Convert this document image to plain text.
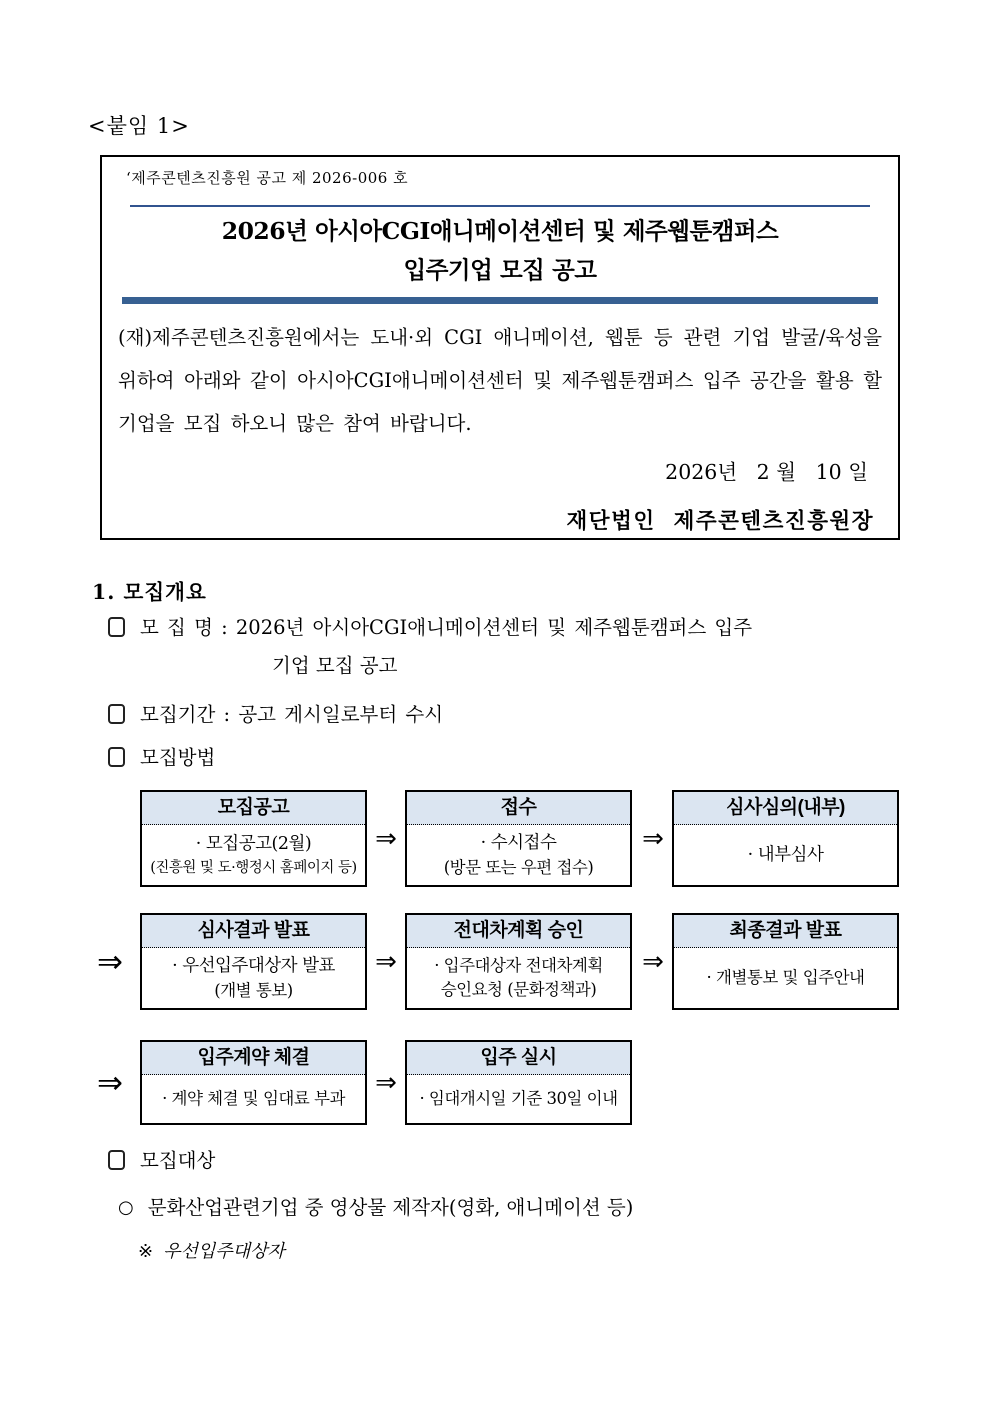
<붙임 1>
‘제주콘텐츠진흥원 공고 제 2026-006 호
2026년 아시아CGI애니메이션센터 및 제주웹툰캠퍼스
입주기업 모집 공고
(재)제주콘텐츠진흥원에서는 도내·외 CGI 애니메이션, 웹툰 등 관련 기업 발굴/육성을 위하여 아래와 같이 아시아CGI애니메이션센터 및 제주웹툰캠퍼스 입주 공간을 활용 할 기업을 모집 하오니 많은 참여 바랍니다.
2026년   2 월   10 일
재단법인  제주콘텐츠진흥원장
1. 모집개요
모 집 명 : 2026년 아시아CGI애니메이션센터 및 제주웹툰캠퍼스 입주
기업 모집 공고
모집기간 : 공고 게시일로부터 수시
모집방법
모집공고
· 모집공고(2월)
(진흥원 및 도·행정시 홈페이지 등)
⇒
접수
· 수시접수
(방문 또는 우편 접수)
⇒
심사심의(내부)
· 내부심사
⇒
심사결과 발표
· 우선입주대상자 발표
(개별 통보)
⇒
전대차계획 승인
· 입주대상자 전대차계획
승인요청 (문화정책과)
⇒
최종결과 발표
· 개별통보 및 입주안내
⇒
입주계약 체결
· 계약 체결 및 임대료 부과
⇒
입주 실시
· 임대개시일 기준 30일 이내
모집대상
○ 문화산업관련기업 중 영상물 제작자(영화, 애니메이션 등)
※ 우선입주대상자
